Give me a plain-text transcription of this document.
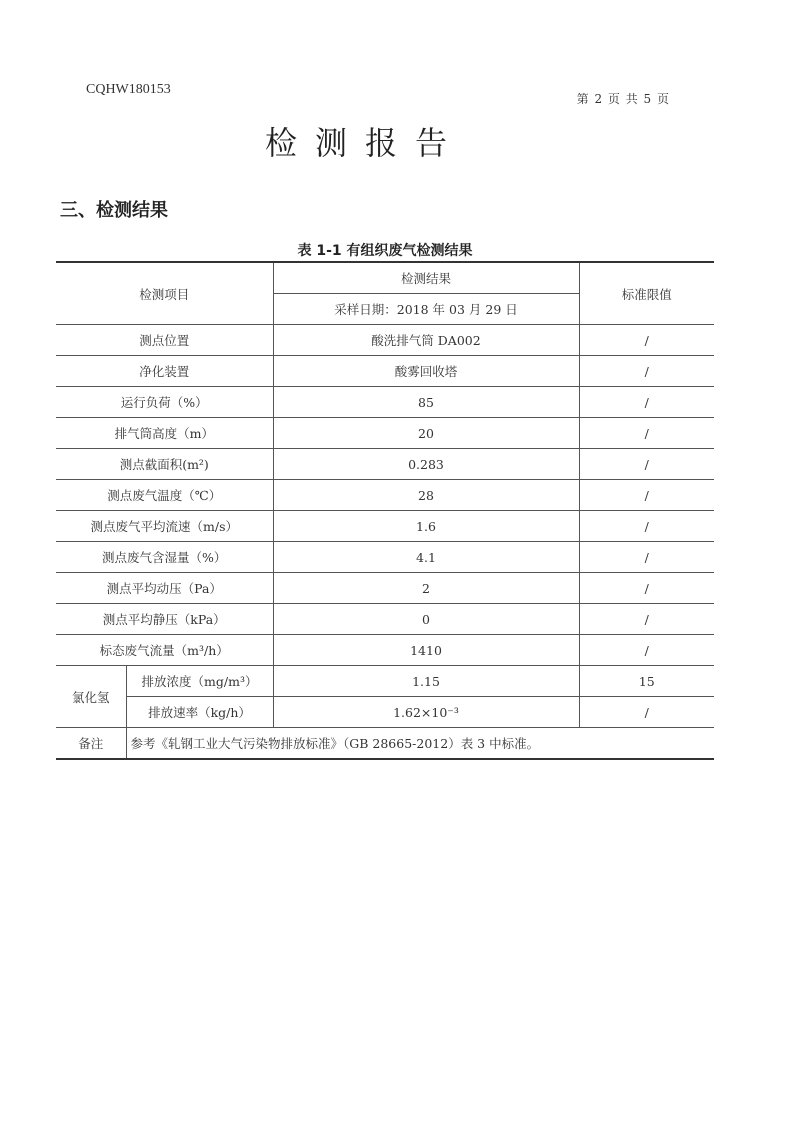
CQHW180153
第 2 页 共 5 页
检测报告
三、检测结果
表 1-1 有组织废气检测结果
检测项目		检测结果	标准限值
		采样日期：2018 年 03 月 29 日	
测点位置		酸洗排气筒 DA002	/
净化装置		酸雾回收塔	/
运行负荷（%）		85	/
排气筒高度（m）		20	/
测点截面积(m²)		0.283	/
测点废气温度（℃）		28	/
测点废气平均流速（m/s）		1.6	/
测点废气含湿量（%）		4.1	/
测点平均动压（Pa）		2	/
测点平均静压（kPa）		0	/
标态废气流量（m³/h）		1410	/
氯化氢	排放浓度（mg/m³）	1.15	15
	排放速率（kg/h）	1.62×10⁻³	/
备注	参考《轧钢工业大气污染物排放标准》（GB 28665-2012）表 3 中标准。		
